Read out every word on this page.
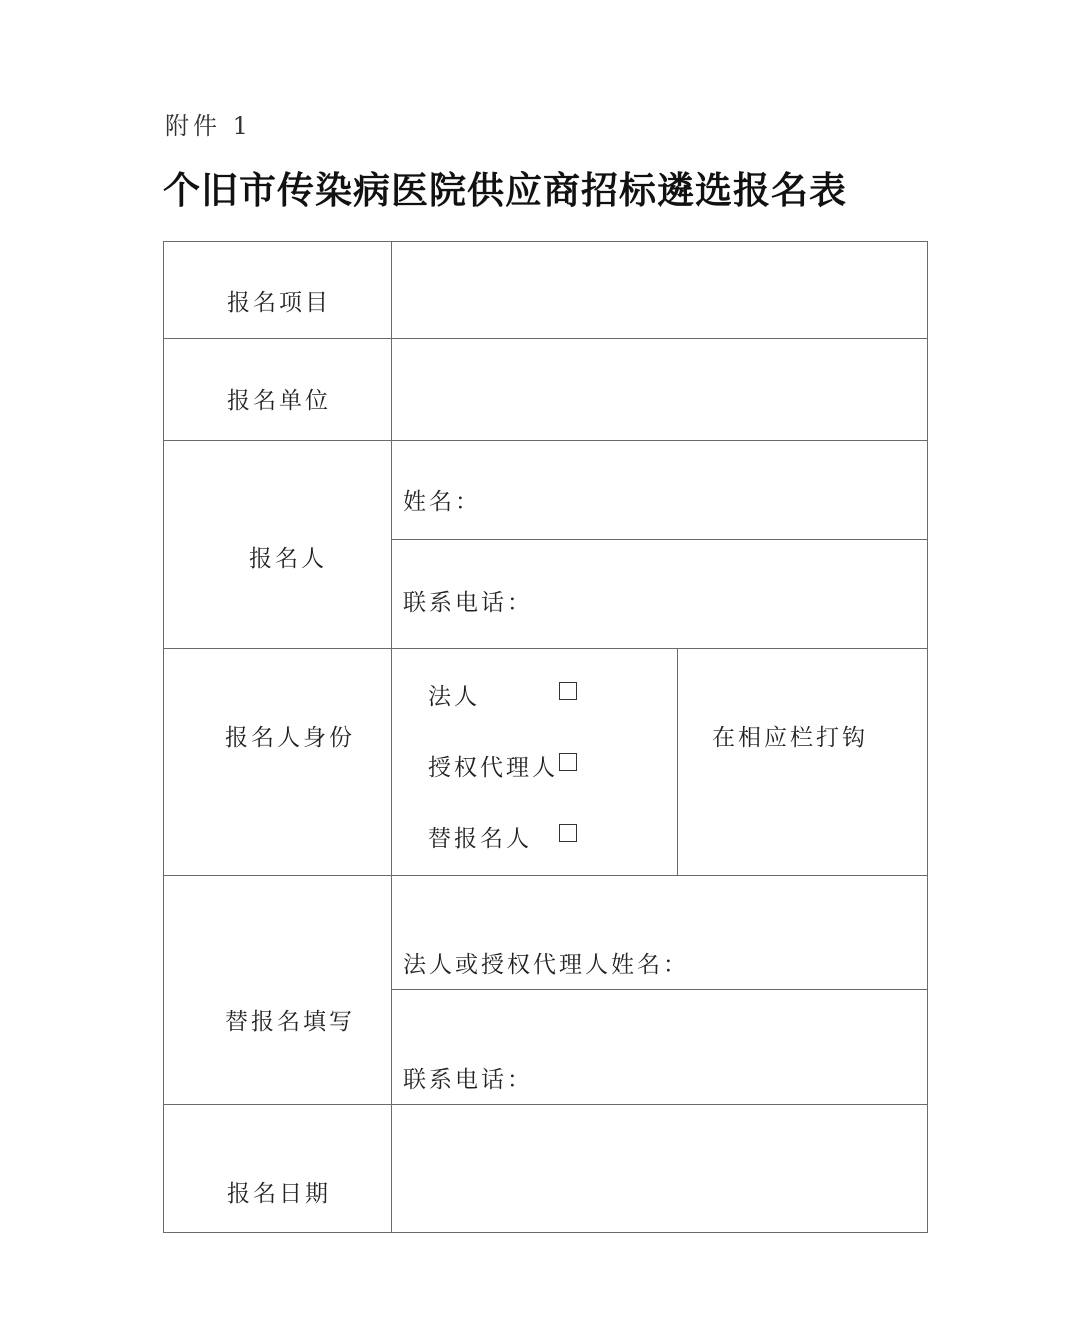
附件 1
个旧市传染病医院供应商招标遴选报名表
报名项目
报名单位
报名人
姓名：
联系电话：
报名人身份
法人
授权代理人
替报名人
在相应栏打钩
替报名填写
法人或授权代理人姓名：
联系电话：
报名日期
